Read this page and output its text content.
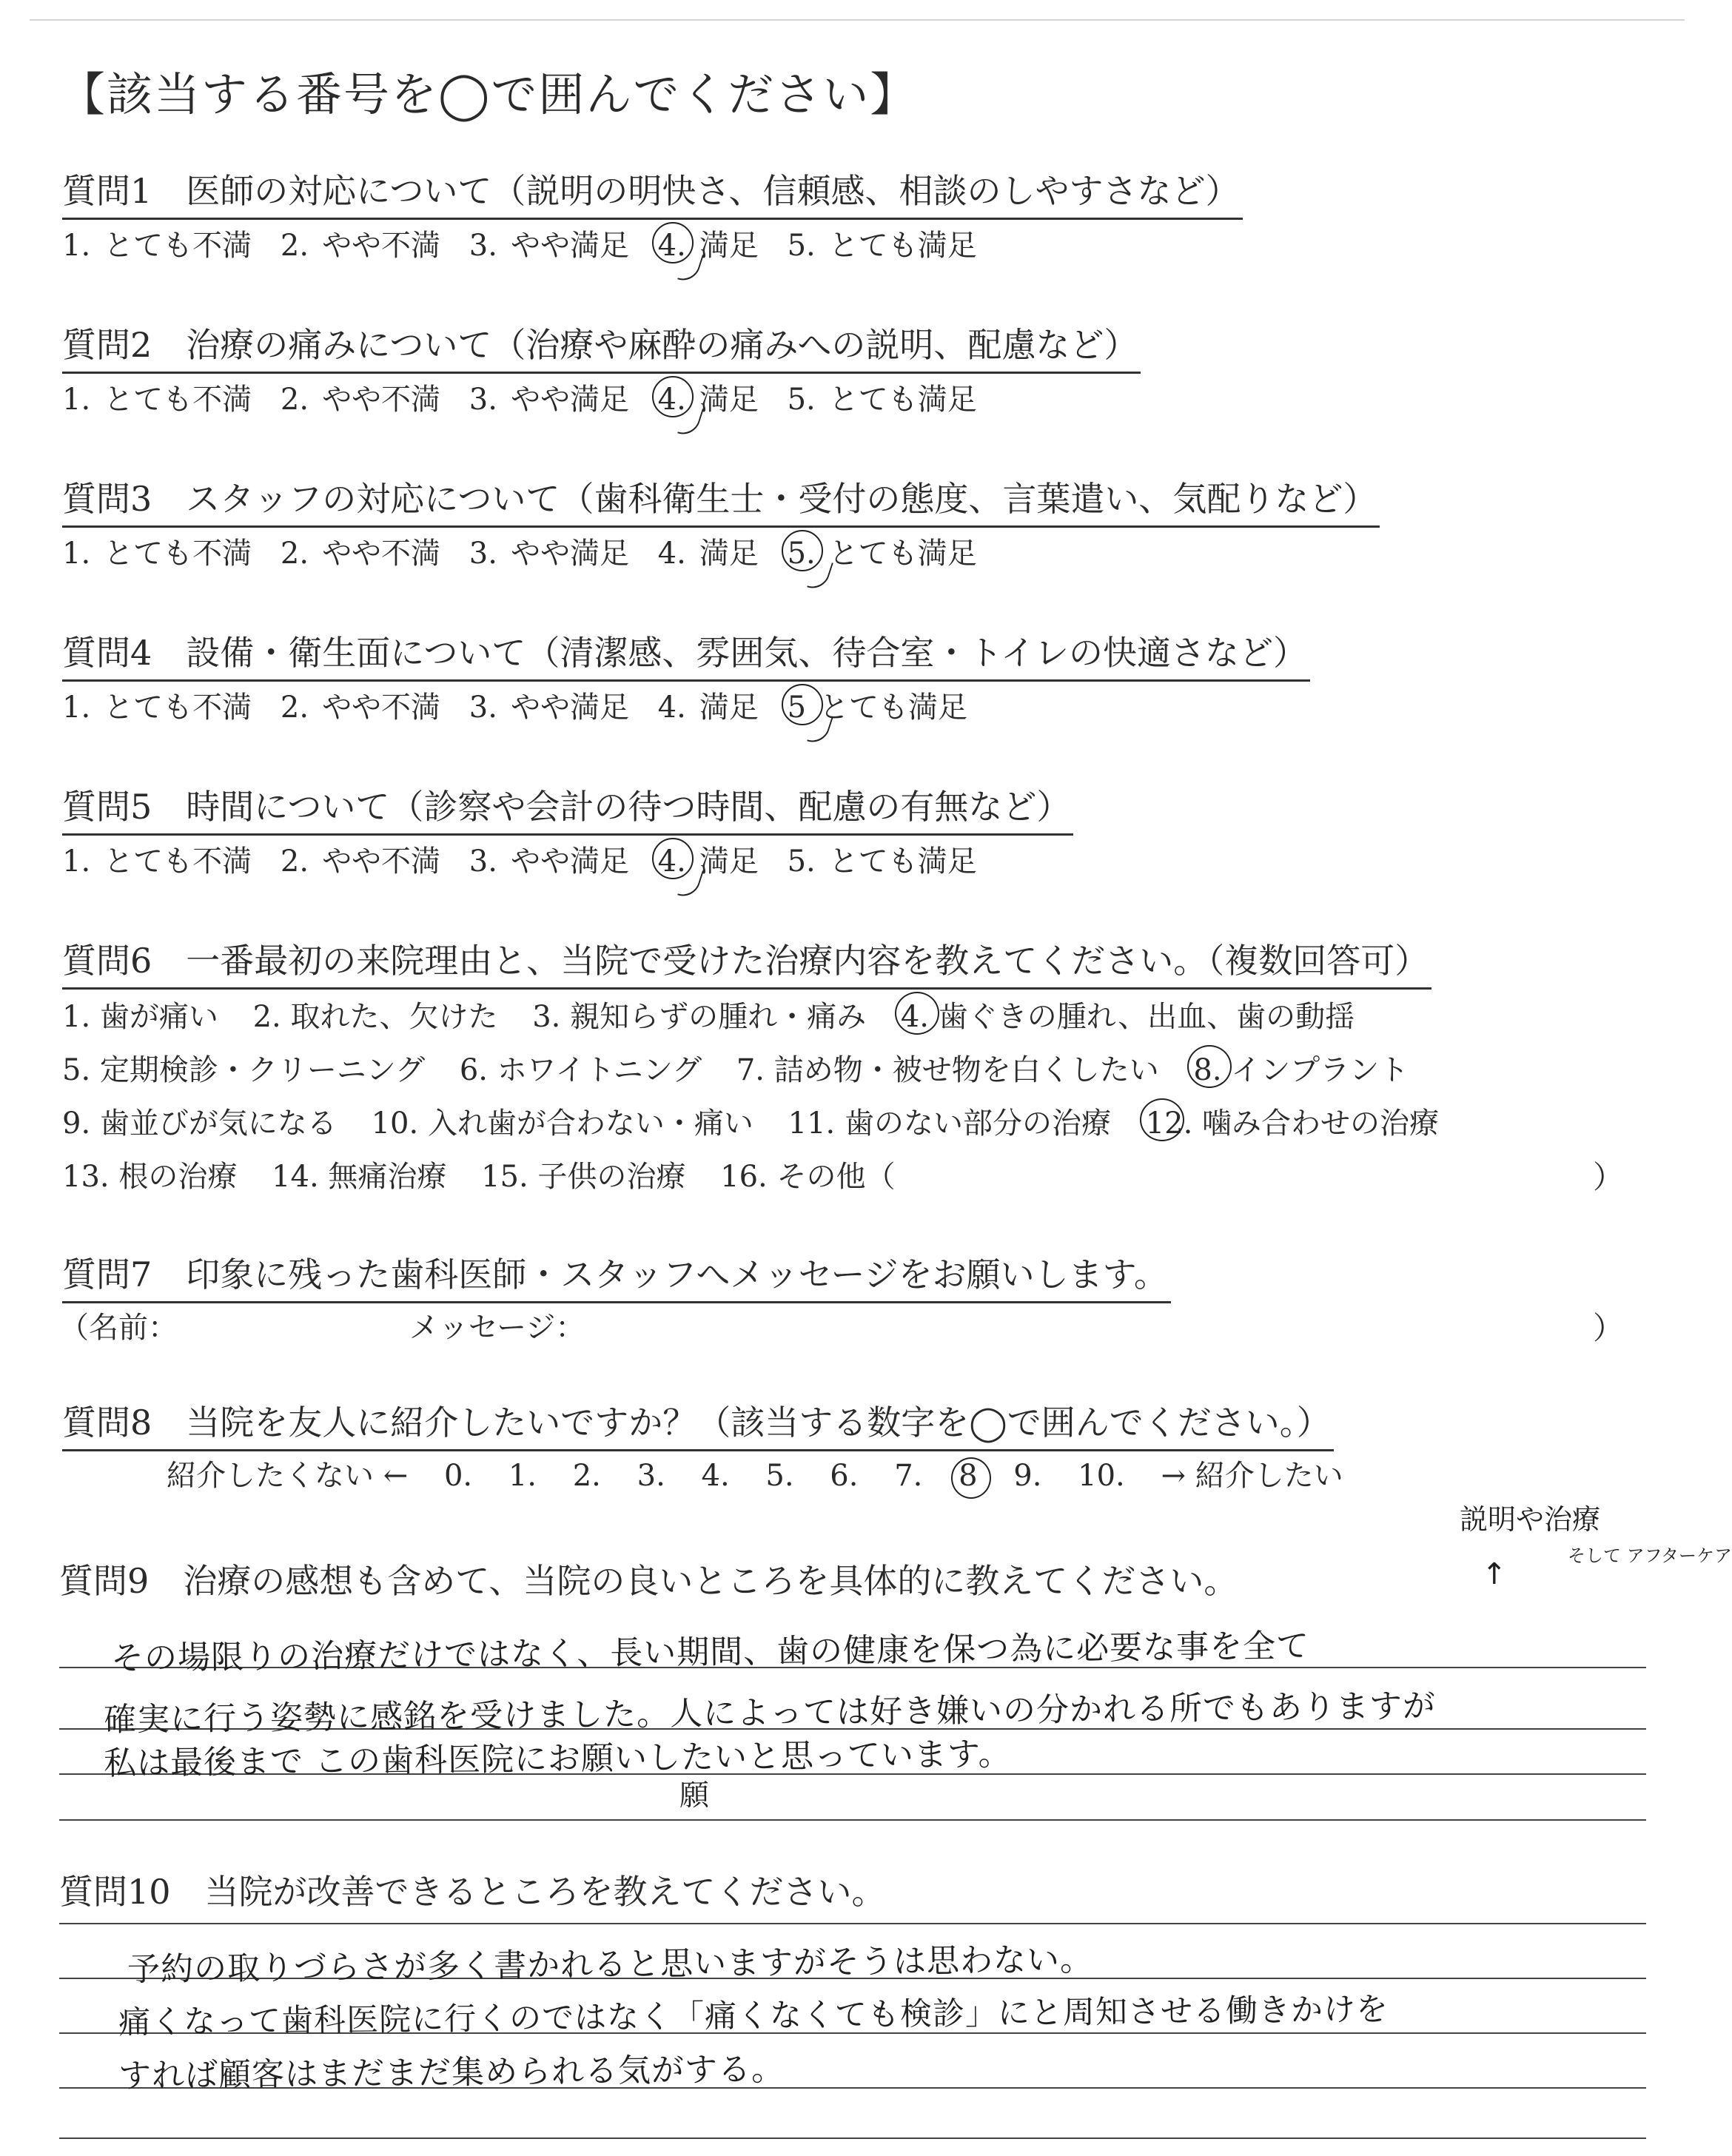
【該当する番号を◯で囲んでください】
質問1　医師の対応について（説明の明快さ、信頼感、相談のしやすさなど）
1. とても不満 2. やや不満 3. やや満足 4. 満足 5. とても満足
質問2　治療の痛みについて（治療や麻酔の痛みへの説明、配慮など）
1. とても不満 2. やや不満 3. やや満足 4. 満足 5. とても満足
質問3　スタッフの対応について（歯科衛生士・受付の態度、言葉遣い、気配りなど）
1. とても不満 2. やや不満 3. やや満足 4. 満足 5. とても満足
質問4　設備・衛生面について（清潔感、雰囲気、待合室・トイレの快適さなど）
1. とても不満 2. やや不満 3. やや満足 4. 満足 5 とても満足
質問5　時間について（診察や会計の待つ時間、配慮の有無など）
1. とても不満 2. やや不満 3. やや満足 4. 満足 5. とても満足
質問6　一番最初の来院理由と、当院で受けた治療内容を教えてください。（複数回答可）
1. 歯が痛い 2. 取れた、欠けた 3. 親知らずの腫れ・痛み 4. 歯ぐきの腫れ、出血、歯の動揺
5. 定期検診・クリーニング 6. ホワイトニング 7. 詰め物・被せ物を白くしたい 8. インプラント
9. 歯並びが気になる 10. 入れ歯が合わない・痛い 11. 歯のない部分の治療 12. 噛み合わせの治療
13. 根の治療 14. 無痛治療 15. 子供の治療 16. その他（	）
質問7　印象に残った歯科医師・スタッフへメッセージをお願いします。
（名前：	メッセージ：	）
質問8　当院を友人に紹介したいですか？（該当する数字を◯で囲んでください。）
紹介したくない ← 0. 1. 2. 3. 4. 5. 6. 7. 8 9. 10. → 紹介したい
質問9　治療の感想も含めて、当院の良いところを具体的に教えてください。
説明や治療
そして アフターケア
↑
その場限りの治療だけではなく、長い期間、歯の健康を保つ為に必要な事を全て
確実に行う姿勢に感銘を受けました。人によっては好き嫌いの分かれる所でもありますが
私は最後まで この歯科医院にお願いしたいと思っています。
願
質問10　当院が改善できるところを教えてください。
予約の取りづらさが多く書かれると思いますがそうは思わない。
痛くなって歯科医院に行くのではなく「痛くなくても検診」にと周知させる働きかけを
すれば顧客はまだまだ集められる気がする。
